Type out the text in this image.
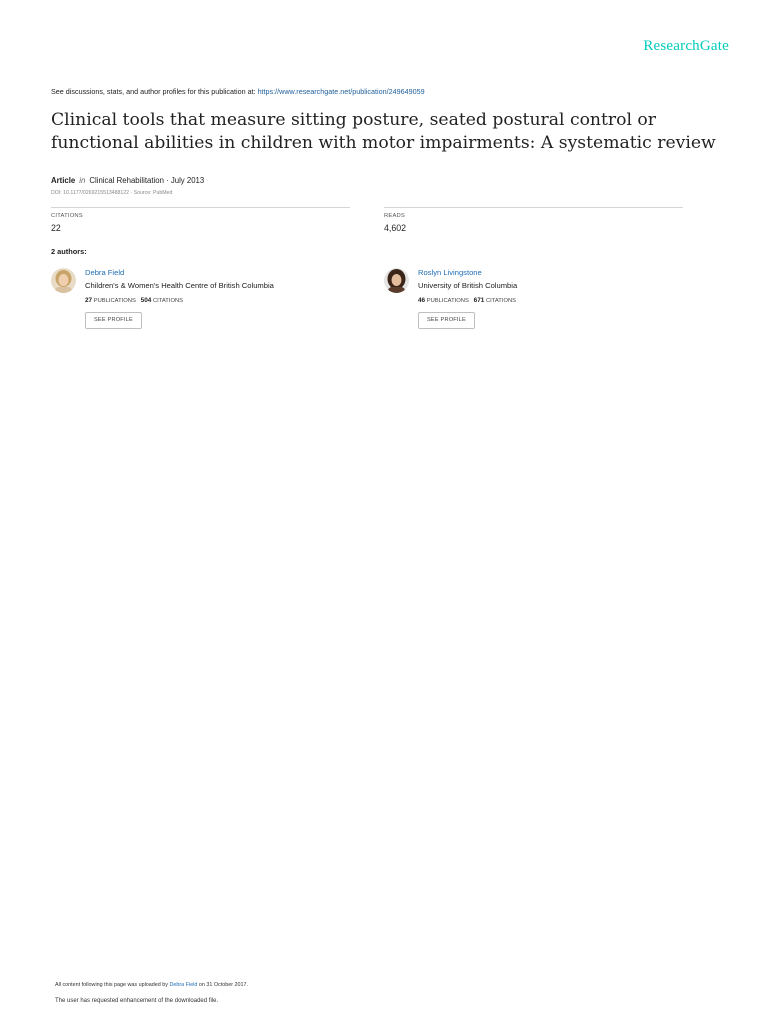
ResearchGate
See discussions, stats, and author profiles for this publication at: https://www.researchgate.net/publication/249649059
Clinical tools that measure sitting posture, seated postural control or functional abilities in children with motor impairments: A systematic review
Article in Clinical Rehabilitation · July 2013
DOI: 10.1177/0269215513488122 · Source: PubMed
CITATIONS
22
READS
4,602
2 authors:
Debra Field
Children's & Women's Health Centre of British Columbia
27 PUBLICATIONS 504 CITATIONS
SEE PROFILE
Roslyn Livingstone
University of British Columbia
46 PUBLICATIONS 671 CITATIONS
SEE PROFILE
All content following this page was uploaded by Debra Field on 31 October 2017.
The user has requested enhancement of the downloaded file.
